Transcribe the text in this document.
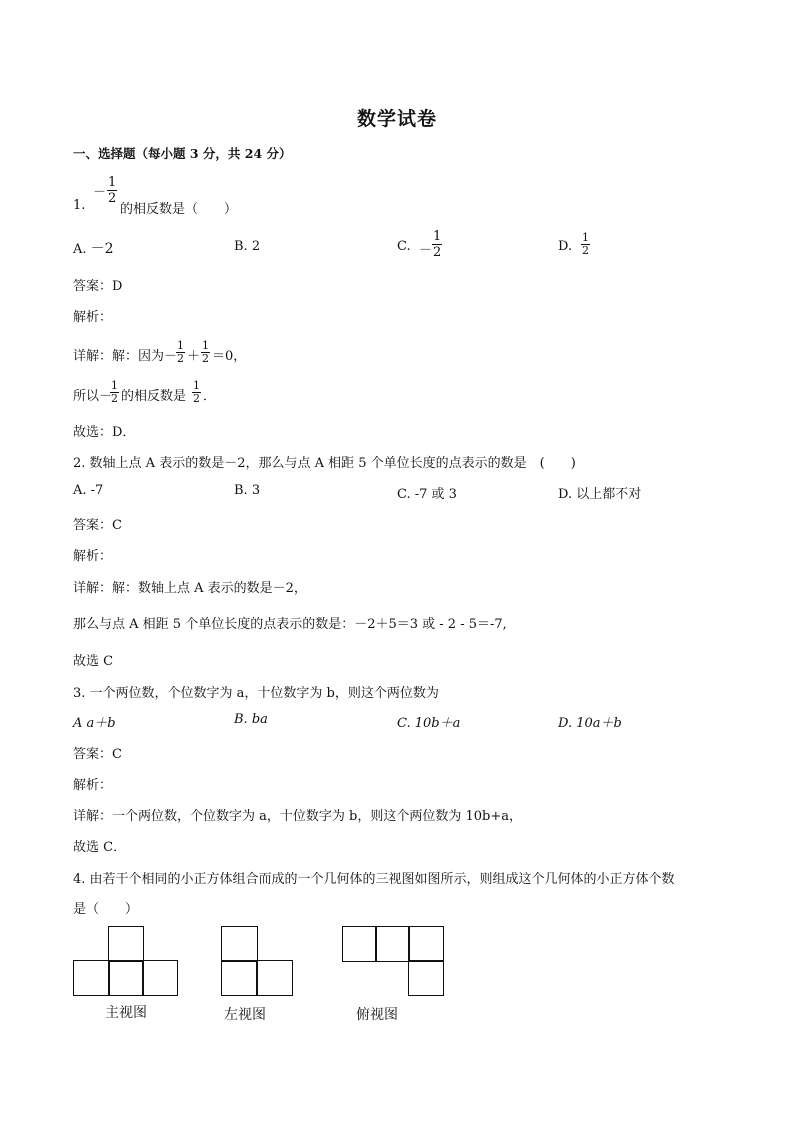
数学试卷
一、选择题（每小题 3 分，共 24 分）
1.
－ $\frac{1}{2}$
的相反数是（　　）
A. －2	B. 2	C. － $\frac{1}{2}$	D. $\frac{1}{2}$
答案：D
解析：
详解：解：因为－
$\frac{1}{2} + \frac{1}{2} =0$，
所以－
$\frac{1}{2}$ 的相反数是 $\frac{1}{2}$ ．
故选：D．
2. 数轴上点 A 表示的数是－2，那么与点 A 相距 5 个单位长度的点表示的数是　(　　)
A. -7	B. 3	C. -7 或 3	D. 以上都不对
答案：C
解析：
详解：解：数轴上点 A 表示的数是－2，
那么与点 A 相距 5 个单位长度的点表示的数是：－2＋5＝3 或 - 2 - 5＝-7,
故选 C
3. 一个两位数，个位数字为 a，十位数字为 b，则这个两位数为
A a＋b	B. ba	C. 10b＋a	D. 10a＋b
答案：C
解析：
详解：一个两位数，个位数字为 a，十位数字为 b，则这个两位数为 10b+a，
故选 C．
4. 由若干个相同的小正方体组合而成的一个几何体的三视图如图所示，则组成这个几何体的小正方体个数
是（　　）
主视图	左视图	俯视图
